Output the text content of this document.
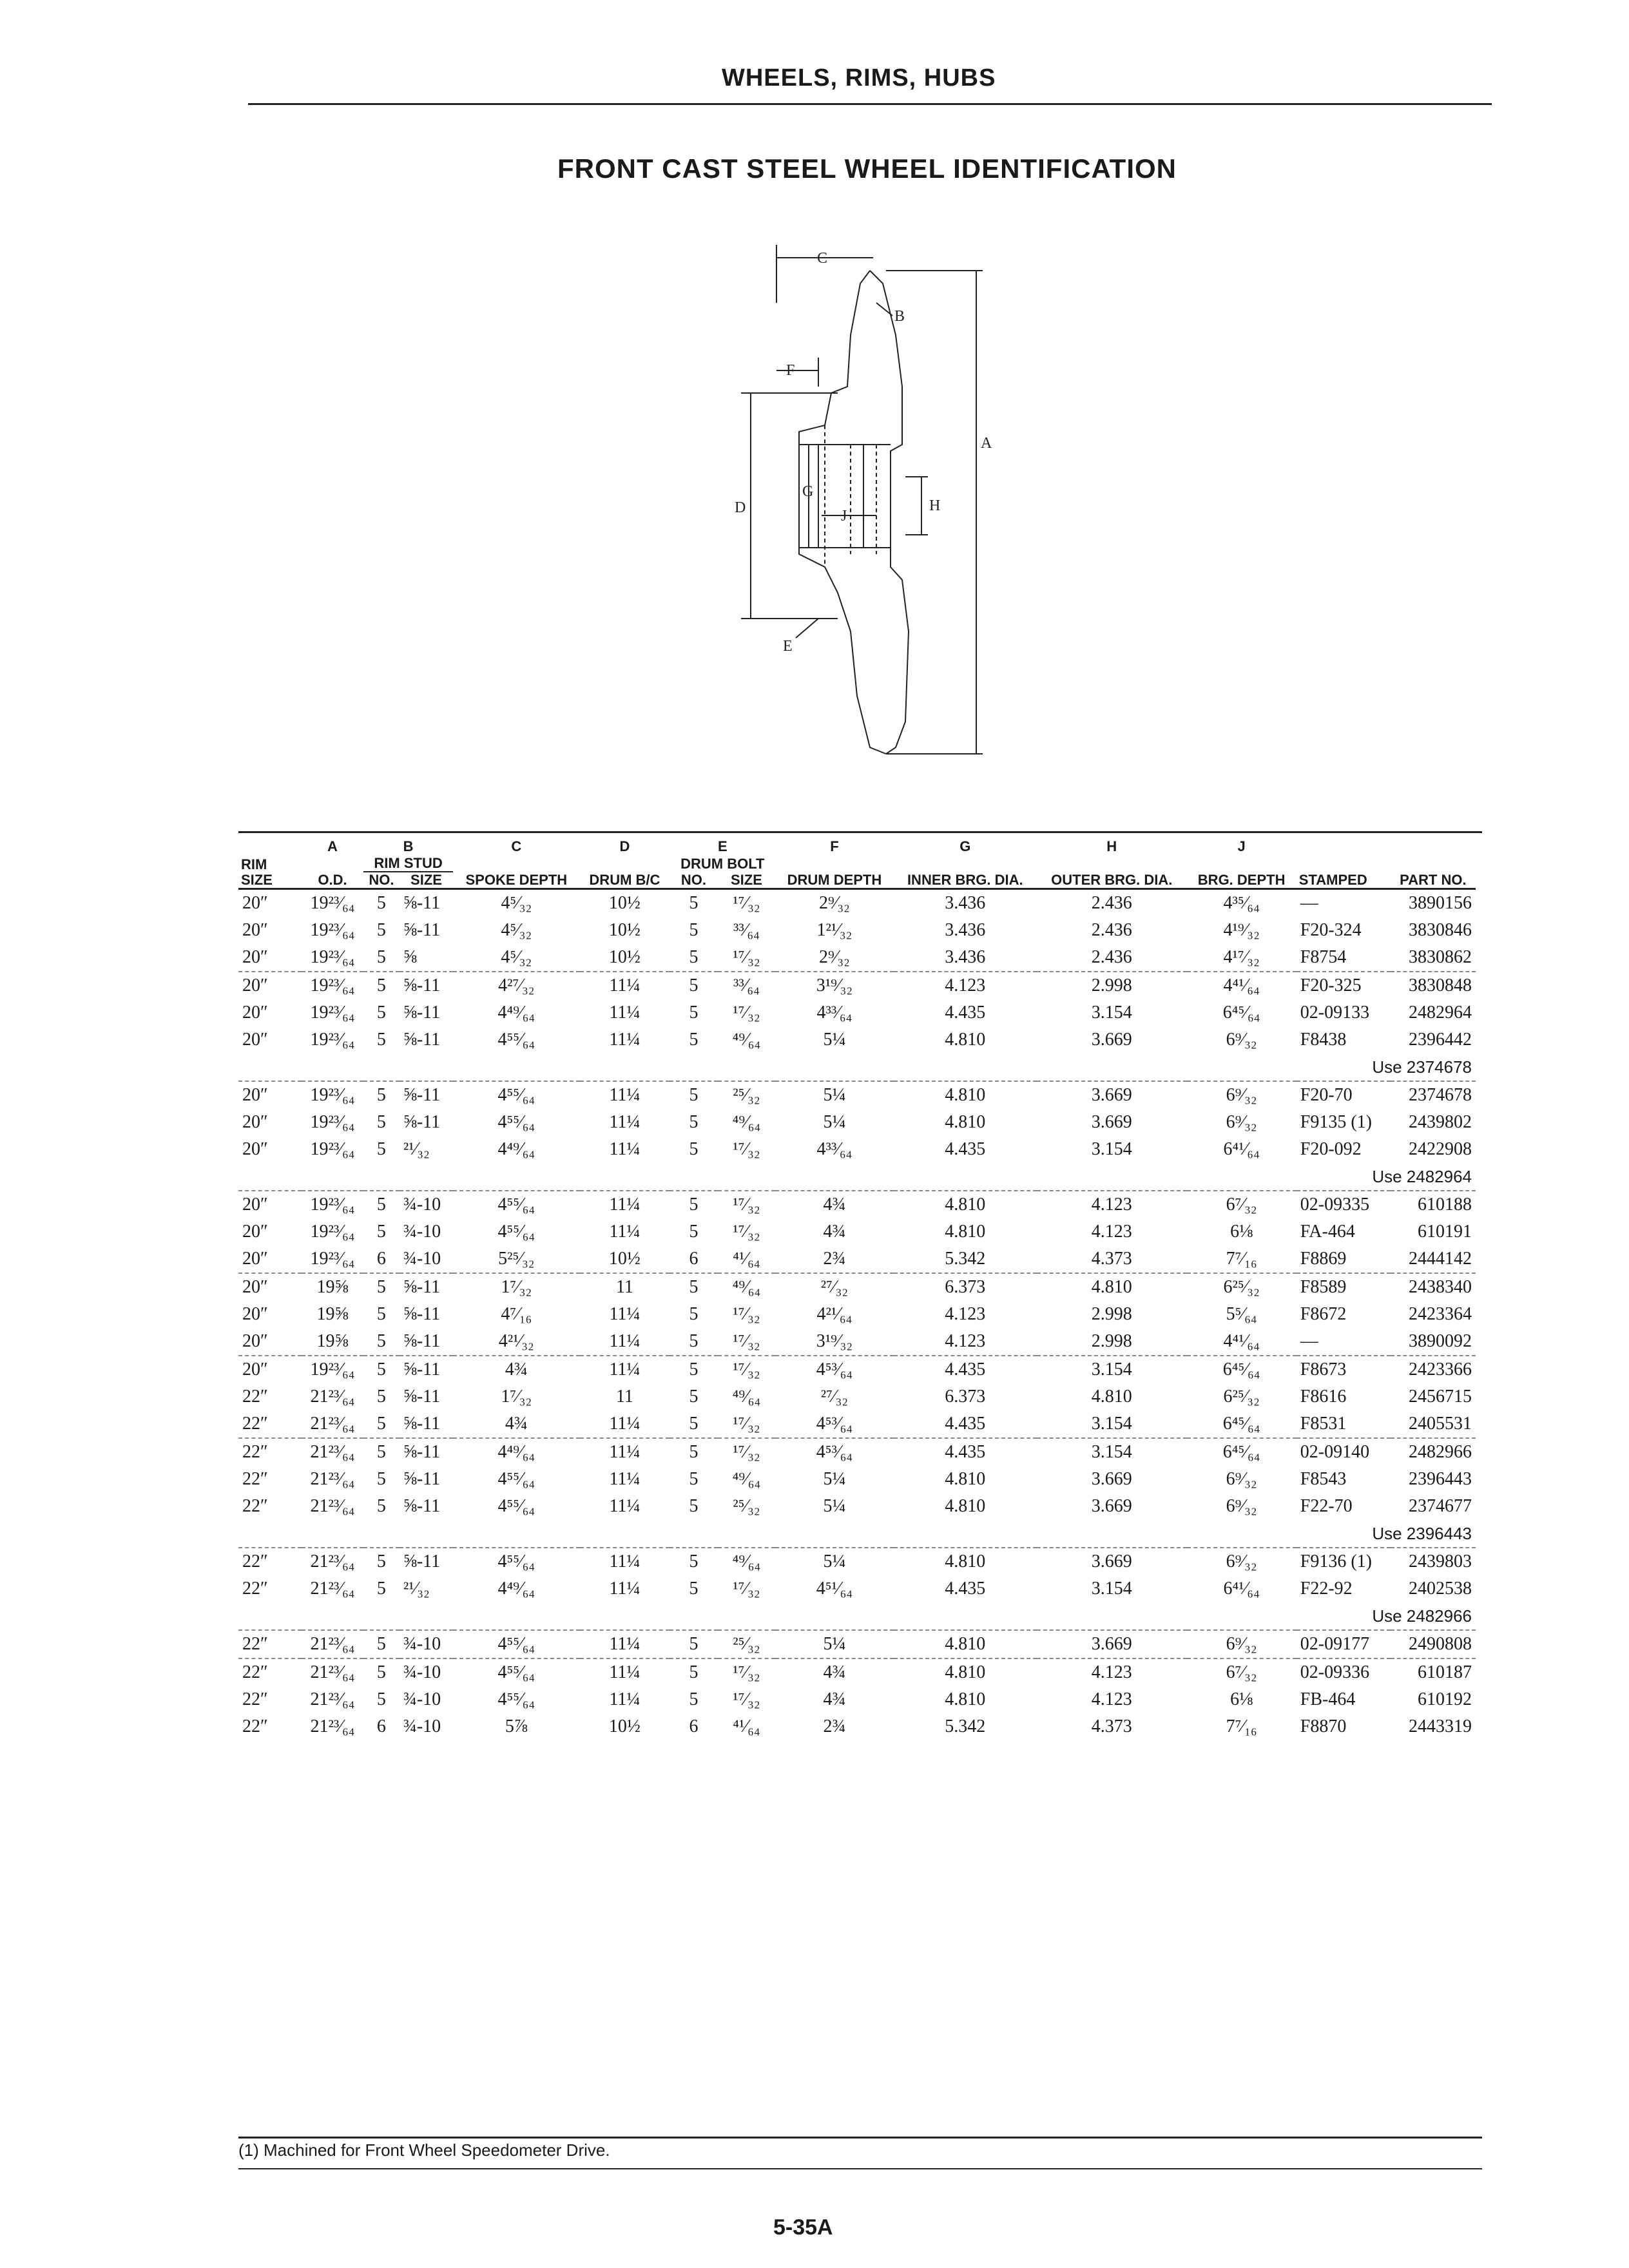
WHEELS, RIMS, HUBS
FRONT CAST STEEL WHEEL IDENTIFICATION
D
A
C
B
F
G
J
H
E
RIM SIZE	A	B		C	D	E		F	G	H	J	STAMPED	PART NO.
	O.D.	RIM STUD		SPOKE DEPTH	DRUM B/C	DRUM BOLT		DRUM DEPTH	INNER BRG. DIA.	OUTER BRG. DIA.	BRG. DEPTH		
		NO.	SIZE			NO.	SIZE						

20″	19²³⁄₆₄	5	⅝-11	4⁵⁄₃₂	10½	5	¹⁷⁄₃₂	2⁹⁄₃₂	3.436	2.436	4³⁵⁄₆₄	—	3890156
20″	19²³⁄₆₄	5	⅝-11	4⁵⁄₃₂	10½	5	³³⁄₆₄	1²¹⁄₃₂	3.436	2.436	4¹⁹⁄₃₂	F20-324	3830846
20″	19²³⁄₆₄	5	⅝	4⁵⁄₃₂	10½	5	¹⁷⁄₃₂	2⁹⁄₃₂	3.436	2.436	4¹⁷⁄₃₂	F8754	3830862
20″	19²³⁄₆₄	5	⅝-11	4²⁷⁄₃₂	11¼	5	³³⁄₆₄	3¹⁹⁄₃₂	4.123	2.998	4⁴¹⁄₆₄	F20-325	3830848
20″	19²³⁄₆₄	5	⅝-11	4⁴⁹⁄₆₄	11¼	5	¹⁷⁄₃₂	4³³⁄₆₄	4.435	3.154	6⁴⁵⁄₆₄	02-09133	2482964
20″	19²³⁄₆₄	5	⅝-11	4⁵⁵⁄₆₄	11¼	5	⁴⁹⁄₆₄	5¼	4.810	3.669	6⁹⁄₃₂	F8438	2396442
Use 2374678													
20″	19²³⁄₆₄	5	⅝-11	4⁵⁵⁄₆₄	11¼	5	²⁵⁄₃₂	5¼	4.810	3.669	6⁹⁄₃₂	F20-70	2374678
20″	19²³⁄₆₄	5	⅝-11	4⁵⁵⁄₆₄	11¼	5	⁴⁹⁄₆₄	5¼	4.810	3.669	6⁹⁄₃₂	F9135 (1)	2439802
20″	19²³⁄₆₄	5	²¹⁄₃₂	4⁴⁹⁄₆₄	11¼	5	¹⁷⁄₃₂	4³³⁄₆₄	4.435	3.154	6⁴¹⁄₆₄	F20-092	2422908
Use 2482964													
20″	19²³⁄₆₄	5	¾-10	4⁵⁵⁄₆₄	11¼	5	¹⁷⁄₃₂	4¾	4.810	4.123	6⁷⁄₃₂	02-09335	610188
20″	19²³⁄₆₄	5	¾-10	4⁵⁵⁄₆₄	11¼	5	¹⁷⁄₃₂	4¾	4.810	4.123	6⅛	FA-464	610191
20″	19²³⁄₆₄	6	¾-10	5²⁵⁄₃₂	10½	6	⁴¹⁄₆₄	2¾	5.342	4.373	7⁷⁄₁₆	F8869	2444142
20″	19⅝	5	⅝-11	1⁷⁄₃₂	11	5	⁴⁹⁄₆₄	²⁷⁄₃₂	6.373	4.810	6²⁵⁄₃₂	F8589	2438340
20″	19⅝	5	⅝-11	4⁷⁄₁₆	11¼	5	¹⁷⁄₃₂	4²¹⁄₆₄	4.123	2.998	5⁵⁄₆₄	F8672	2423364
20″	19⅝	5	⅝-11	4²¹⁄₃₂	11¼	5	¹⁷⁄₃₂	3¹⁹⁄₃₂	4.123	2.998	4⁴¹⁄₆₄	—	3890092
20″	19²³⁄₆₄	5	⅝-11	4¾	11¼	5	¹⁷⁄₃₂	4⁵³⁄₆₄	4.435	3.154	6⁴⁵⁄₆₄	F8673	2423366
22″	21²³⁄₆₄	5	⅝-11	1⁷⁄₃₂	11	5	⁴⁹⁄₆₄	²⁷⁄₃₂	6.373	4.810	6²⁵⁄₃₂	F8616	2456715
22″	21²³⁄₆₄	5	⅝-11	4¾	11¼	5	¹⁷⁄₃₂	4⁵³⁄₆₄	4.435	3.154	6⁴⁵⁄₆₄	F8531	2405531
22″	21²³⁄₆₄	5	⅝-11	4⁴⁹⁄₆₄	11¼	5	¹⁷⁄₃₂	4⁵³⁄₆₄	4.435	3.154	6⁴⁵⁄₆₄	02-09140	2482966
22″	21²³⁄₆₄	5	⅝-11	4⁵⁵⁄₆₄	11¼	5	⁴⁹⁄₆₄	5¼	4.810	3.669	6⁹⁄₃₂	F8543	2396443
22″	21²³⁄₆₄	5	⅝-11	4⁵⁵⁄₆₄	11¼	5	²⁵⁄₃₂	5¼	4.810	3.669	6⁹⁄₃₂	F22-70	2374677
Use 2396443													
22″	21²³⁄₆₄	5	⅝-11	4⁵⁵⁄₆₄	11¼	5	⁴⁹⁄₆₄	5¼	4.810	3.669	6⁹⁄₃₂	F9136 (1)	2439803
22″	21²³⁄₆₄	5	²¹⁄₃₂	4⁴⁹⁄₆₄	11¼	5	¹⁷⁄₃₂	4⁵¹⁄₆₄	4.435	3.154	6⁴¹⁄₆₄	F22-92	2402538
Use 2482966													
22″	21²³⁄₆₄	5	¾-10	4⁵⁵⁄₆₄	11¼	5	²⁵⁄₃₂	5¼	4.810	3.669	6⁹⁄₃₂	02-09177	2490808
22″	21²³⁄₆₄	5	¾-10	4⁵⁵⁄₆₄	11¼	5	¹⁷⁄₃₂	4¾	4.810	4.123	6⁷⁄₃₂	02-09336	610187
22″	21²³⁄₆₄	5	¾-10	4⁵⁵⁄₆₄	11¼	5	¹⁷⁄₃₂	4¾	4.810	4.123	6⅛	FB-464	610192
22″	21²³⁄₆₄	6	¾-10	5⅞	10½	6	⁴¹⁄₆₄	2¾	5.342	4.373	7⁷⁄₁₆	F8870	2443319
(1) Machined for Front Wheel Speedometer Drive.
5-35A
